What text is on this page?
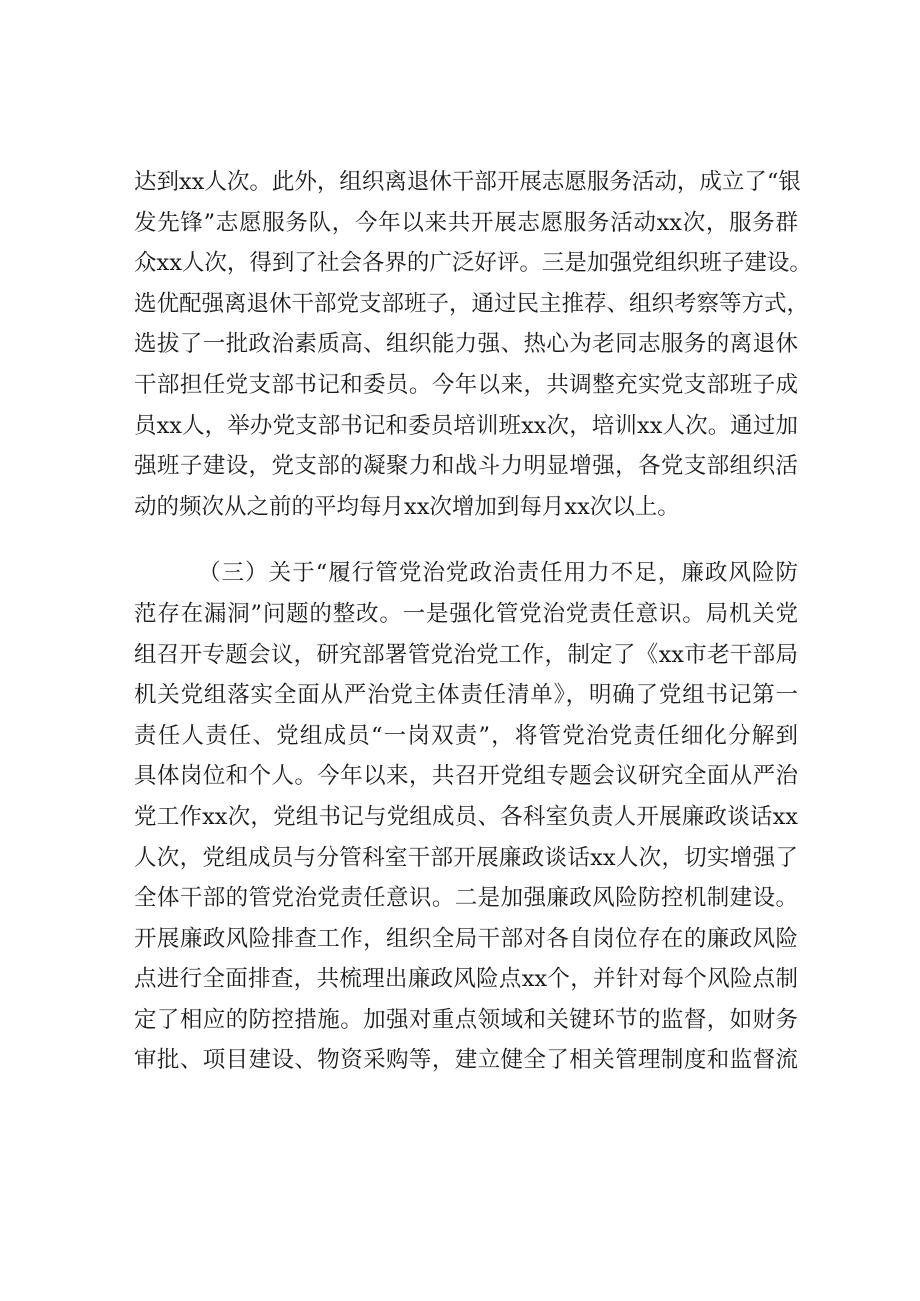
达到xx人次。此外，组织离退休干部开展志愿服务活动，成立了“银
发先锋”志愿服务队，今年以来共开展志愿服务活动xx次，服务群
众xx人次，得到了社会各界的广泛好评。三是加强党组织班子建设。
选优配强离退休干部党支部班子，通过民主推荐、组织考察等方式，
选拔了一批政治素质高、组织能力强、热心为老同志服务的离退休
干部担任党支部书记和委员。今年以来，共调整充实党支部班子成
员xx人，举办党支部书记和委员培训班xx次，培训xx人次。通过加
强班子建设，党支部的凝聚力和战斗力明显增强，各党支部组织活
动的频次从之前的平均每月xx次增加到每月xx次以上。
（三）关于“履行管党治党政治责任用力不足，廉政风险防
范存在漏洞”问题的整改。一是强化管党治党责任意识。局机关党
组召开专题会议，研究部署管党治党工作，制定了《xx市老干部局
机关党组落实全面从严治党主体责任清单》，明确了党组书记第一
责任人责任、党组成员“一岗双责”，将管党治党责任细化分解到
具体岗位和个人。今年以来，共召开党组专题会议研究全面从严治
党工作xx次，党组书记与党组成员、各科室负责人开展廉政谈话xx
人次，党组成员与分管科室干部开展廉政谈话xx人次，切实增强了
全体干部的管党治党责任意识。二是加强廉政风险防控机制建设。
开展廉政风险排查工作，组织全局干部对各自岗位存在的廉政风险
点进行全面排查，共梳理出廉政风险点xx个，并针对每个风险点制
定了相应的防控措施。加强对重点领域和关键环节的监督，如财务
审批、项目建设、物资采购等，建立健全了相关管理制度和监督流
